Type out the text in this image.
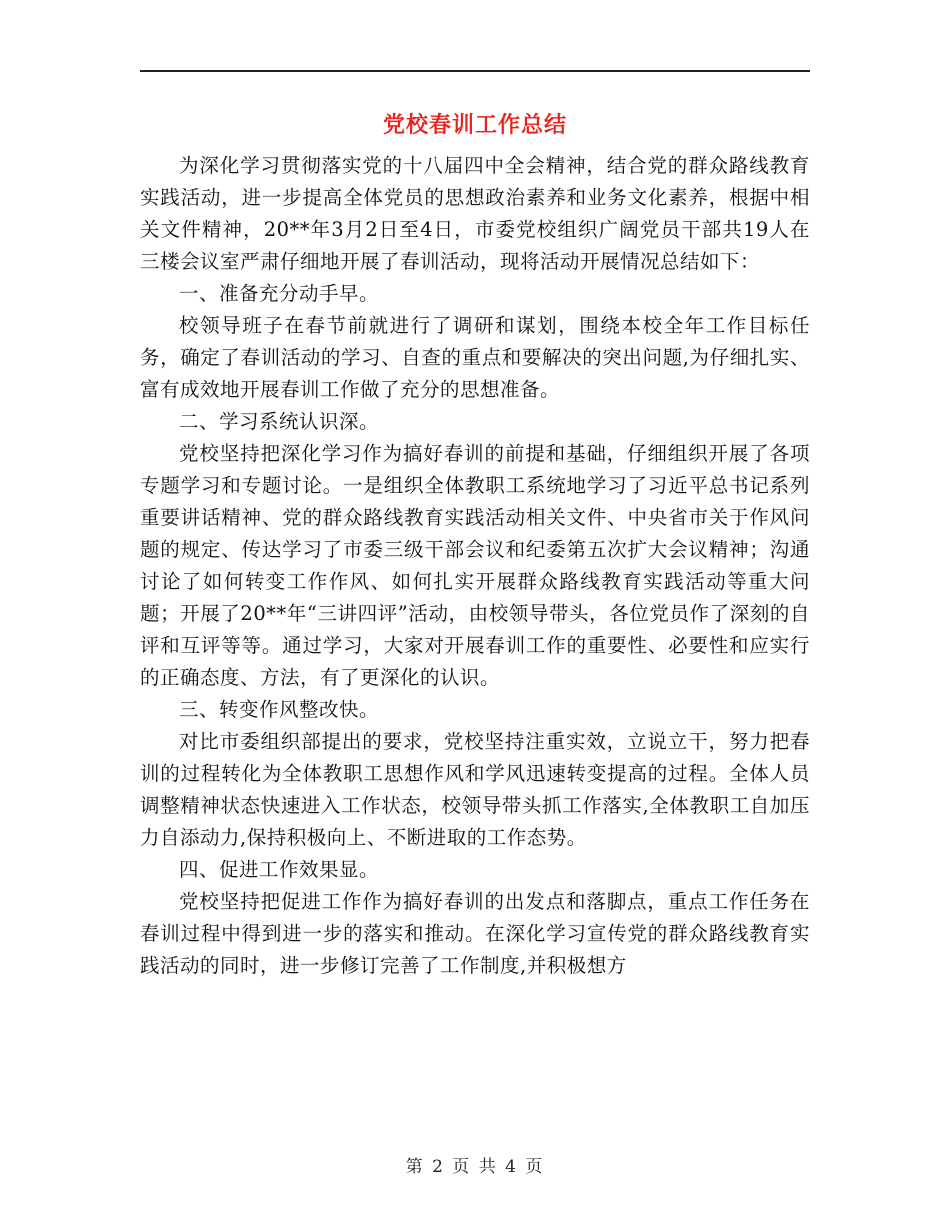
党校春训工作总结

为深化学习贯彻落实党的十八届四中全会精神，结合党的群众路线教育实践活动，进一步提高全体党员的思想政治素养和业务文化素养，根据中相关文件精神，20**年3月2日至4日，市委党校组织广阔党员干部共19人在三楼会议室严肃仔细地开展了春训活动，现将活动开展情况总结如下：

一、准备充分动手早。

校领导班子在春节前就进行了调研和谋划，围绕本校全年工作目标任务，确定了春训活动的学习、自查的重点和要解决的突出问题,为仔细扎实、富有成效地开展春训工作做了充分的思想准备。

二、学习系统认识深。

党校坚持把深化学习作为搞好春训的前提和基础，仔细组织开展了各项专题学习和专题讨论。一是组织全体教职工系统地学习了习近平总书记系列重要讲话精神、党的群众路线教育实践活动相关文件、中央省市关于作风问题的规定、传达学习了市委三级干部会议和纪委第五次扩大会议精神；沟通讨论了如何转变工作作风、如何扎实开展群众路线教育实践活动等重大问题；开展了20**年“三讲四评”活动，由校领导带头，各位党员作了深刻的自评和互评等等。通过学习，大家对开展春训工作的重要性、必要性和应实行的正确态度、方法，有了更深化的认识。

三、转变作风整改快。

对比市委组织部提出的要求，党校坚持注重实效，立说立干，努力把春训的过程转化为全体教职工思想作风和学风迅速转变提高的过程。全体人员调整精神状态快速进入工作状态，校领导带头抓工作落实,全体教职工自加压力自添动力,保持积极向上、不断进取的工作态势。

四、促进工作效果显。

党校坚持把促进工作作为搞好春训的出发点和落脚点，重点工作任务在春训过程中得到进一步的落实和推动。在深化学习宣传党的群众路线教育实践活动的同时，进一步修订完善了工作制度,并积极想方

第 2 页 共 4 页
